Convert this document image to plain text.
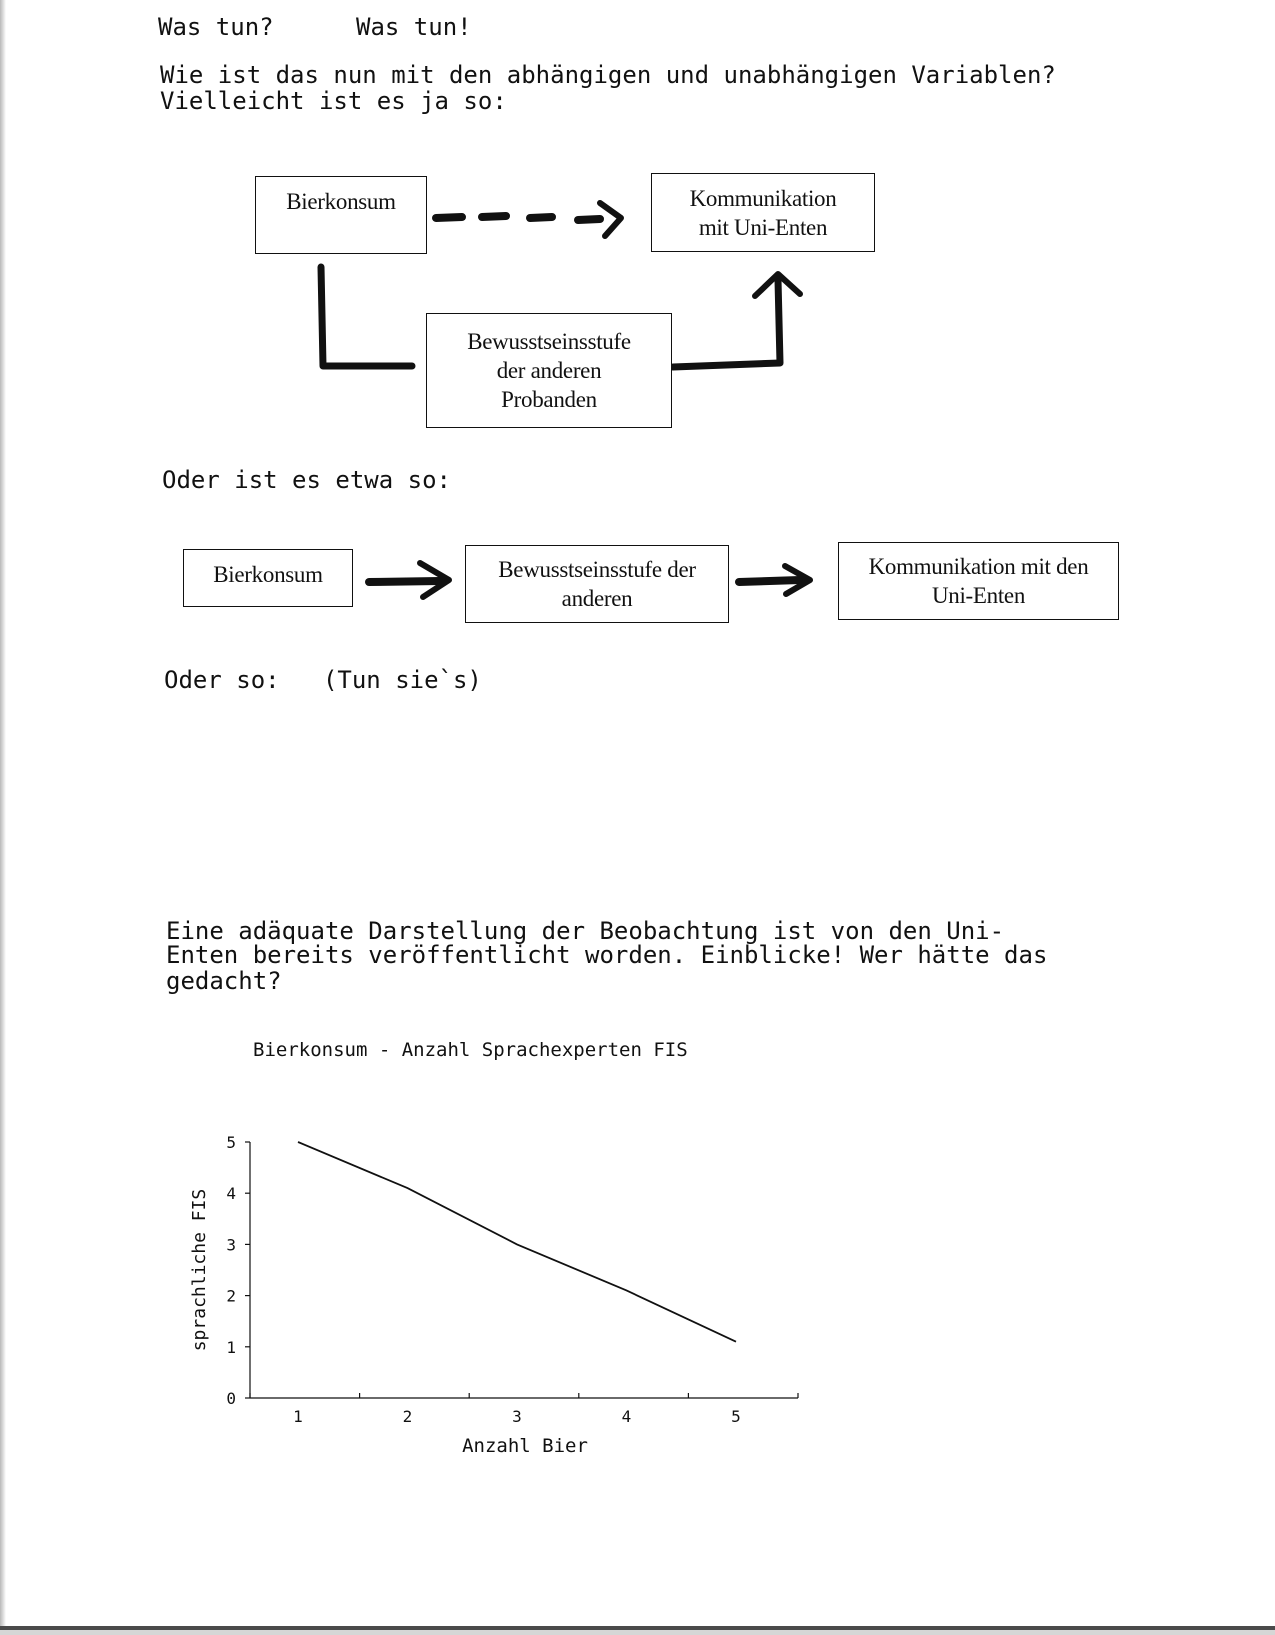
Was tun?	Was tun!

Wie ist das nun mit den abhängigen und unabhängigen Variablen?

Vielleicht ist es ja so:

Bierkonsum	Kommunikation
mit Uni-Enten
Bewusstseinsstufe
der anderen
Probanden

Oder ist es etwa so:

Bierkonsum	Bewusstseinsstufe der
anderen
Kommunikation mit den
Uni-Enten

Oder so:   (Tun sie`s)

Eine adäquate Darstellung der Beobachtung ist von den Uni-

Enten bereits veröffentlicht worden. Einblicke! Wer hätte das

gedacht?

Bierkonsum - Anzahl Sprachexperten FIS

0
1
2
3
4
5
1	2	3	4	5
Anzahl Bier
sprachliche FIS
